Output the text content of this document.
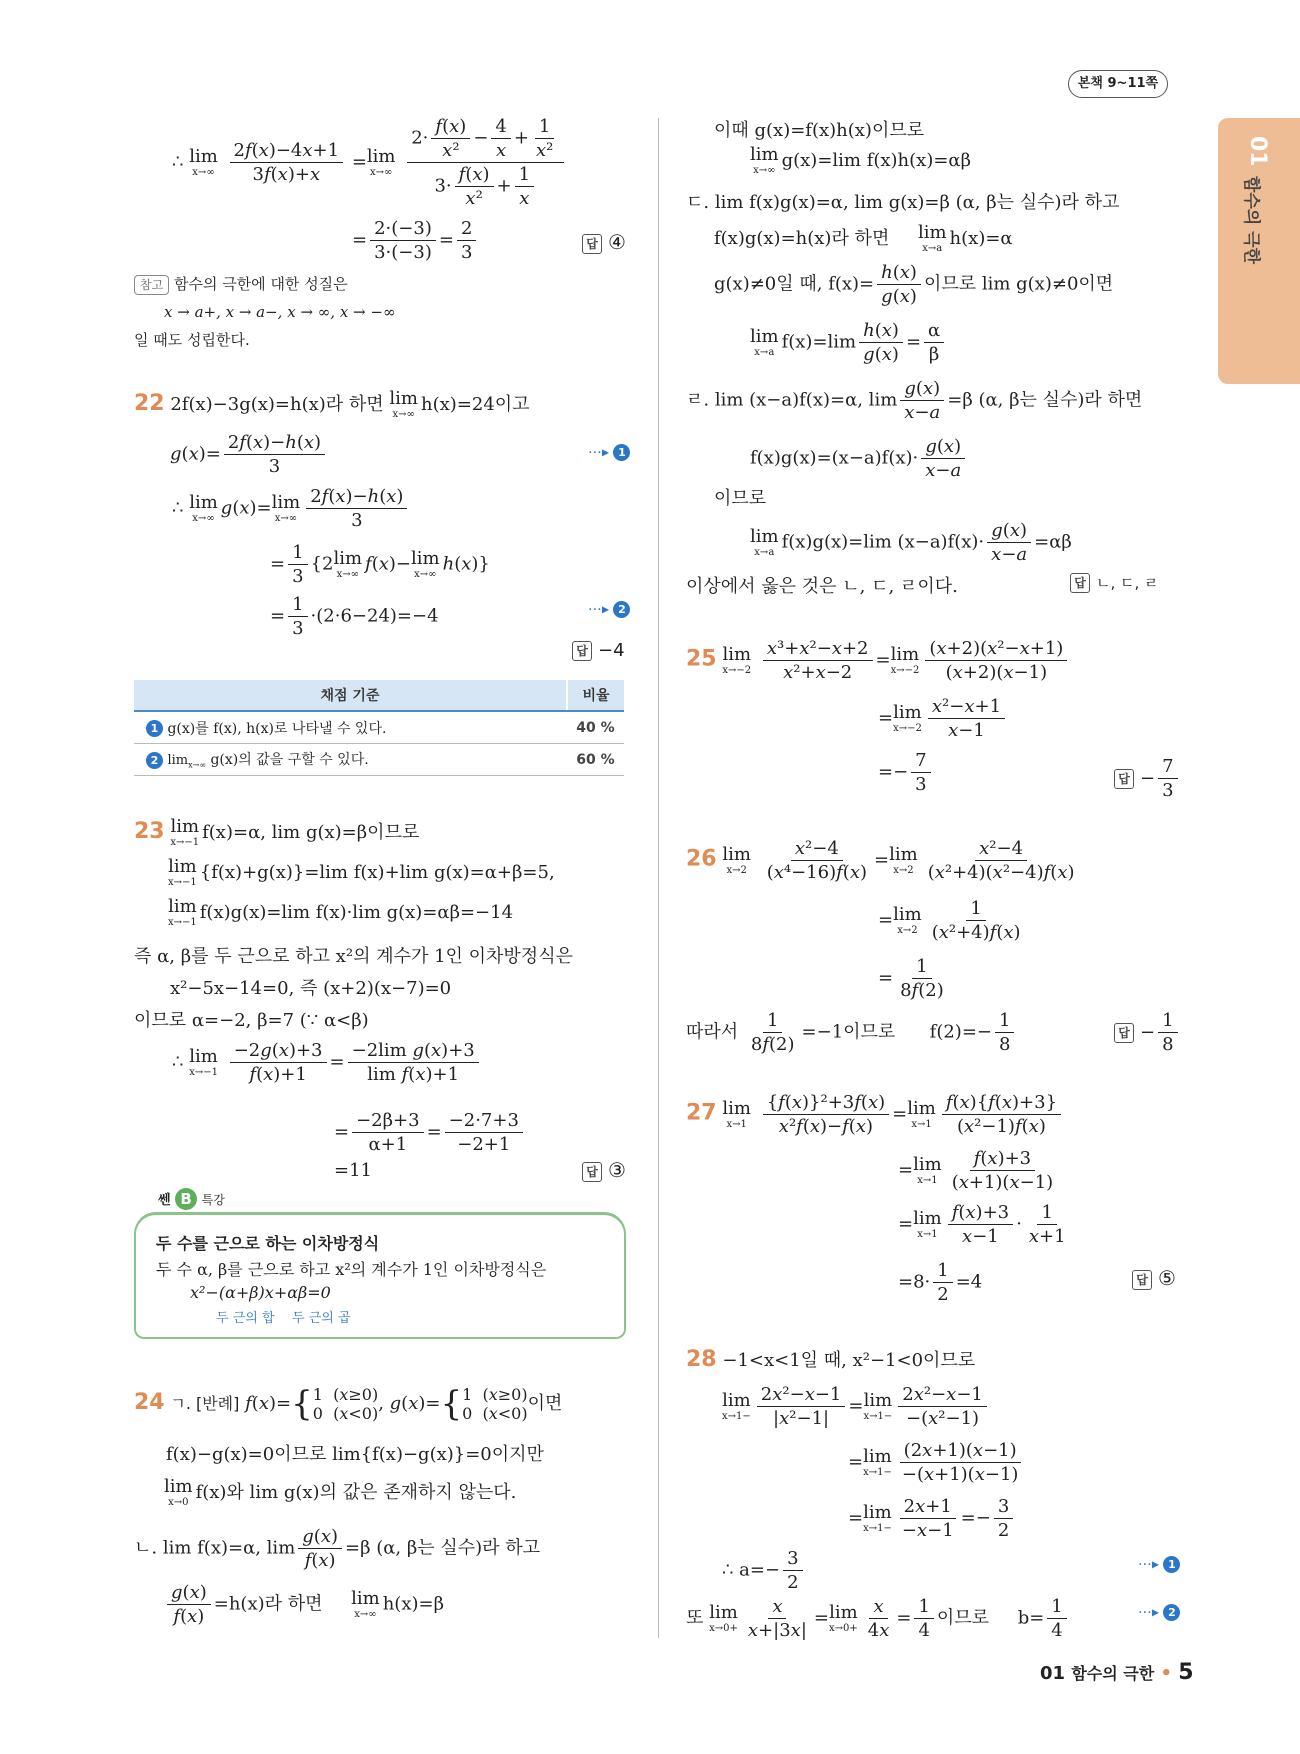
본책 9~11쪽
01
함수의 극한
∴ lim
x→∞
$\frac{2f(x)-4x+1}{3f(x)+x} = \lim$
x→∞
$\frac{2\cdot \frac{f(x)}{\text{x²}} - \frac{4}{x} + \frac{1}{\text{x²}}}{3\cdot \frac{f(x)}{\text{x²}} + \frac{1}{x}}$
= $\frac{2\cdot(-3)}{3\cdot(-3)} = \frac{2}{3}$	답 ④
참고 함수의 극한에 대한 성질은
x → a+, x → a−, x → ∞, x → −∞
일 때도 성립한다.
22 2f(x)−3g(x)=h(x)라 하면 lim
x→∞ h(x)=24이고
$g(x)= \frac{2f(x)-h(x)}{3}$	⋯▸ 1
∴ lim
x→∞ g(x)= lim
$x\to\infty \frac{2f(x)-h(x)}{3}$
= $\frac{1}{3} \{2$ lim
x→∞ f(x)− lim
x→∞ h(x)}
= $\frac{1}{3} \cdot(2\cdot 6-24)=-4$	⋯▸ 2
답 −4
채점 기준	비율
1 g(x)를 f(x), h(x)로 나타낼 수 있다.	40 %
2 $\lim_{x\to\infty} g(x)$의 값을 구할 수 있다.	60 %
23 lim
x→−1 f(x)=α, lim g(x)=β이므로
lim
x→−1 {f(x)+g(x)}=lim f(x)+lim g(x)=α+β=5,
lim
x→−1 f(x)g(x)=lim f(x)·lim g(x)=αβ=−14
즉 α, β를 두 근으로 하고 x²의 계수가 1인 이차방정식은
x²−5x−14=0, 즉 (x+2)(x−7)=0
이므로 α=−2, β=7 (∵ α<β)
∴ lim
x→−1
$\frac{-2g(x)+3}{f(x)+1} = \frac{\text{−2lim g(x)+3}}{\text{lim f(x)+1}}$
= $\frac{-2\beta+3}{\alpha+1} = \frac{-2\cdot 7+3}{-2+1}$
=11	답 ③
쎈 B 특강
두 수를 근으로 하는 이차방정식
두 수 α, β를 근으로 하고 x²의 계수가 1인 이차방정식은
x²−(α+β)x+αβ=0
두 근의 합 두 근의 곱
24 ㄱ. [반례] f(x)={ 1  (x≥0)
0  (x<0) , g(x)={ 1  (x≥0)
0  (x<0) 이면
f(x)−g(x)=0이므로 lim{f(x)−g(x)}=0이지만
lim
x→0 f(x)와 lim g(x)의 값은 존재하지 않는다.
ㄴ. lim f(x)=α, $\lim \frac{g(x)}{f(x)} =\beta$ (α, β는 실수)라 하고
$\frac{g(x)}{f(x)} =h(x)$라 하면 lim
x→∞ h(x)=β
이때 g(x)=f(x)h(x)이므로
lim
x→∞ g(x)=lim f(x)h(x)=αβ
ㄷ. lim f(x)g(x)=α, lim g(x)=β (α, β는 실수)라 하고
f(x)g(x)=h(x)라 하면 lim
x→a h(x)=α
g(x)≠0일 때, $f(x)= \frac{h(x)}{g(x)}$ 이므로 lim g(x)≠0이면
lim
x→a $f(x)=\lim \frac{h(x)}{g(x)} = \frac{\alpha}{\beta}$
ㄹ. lim (x−a)f(x)=α, $\lim \frac{g(x)}{x-a} =\beta$ (α, β는 실수)라 하면
$f(x)g(x)=(x-a)f(x)\cdot \frac{g(x)}{x-a}$
이므로
lim
x→a f(x)g(x)=lim $(x-a)f(x)\cdot \frac{g(x)}{x-a} =\alpha\beta$
이상에서 옳은 것은 ㄴ, ㄷ, ㄹ이다.	답 ㄴ, ㄷ, ㄹ
25 lim
x→−2
$\frac{\text{x³+x²−x+2}}{\text{x²+x−2}} = \lim$
$x\to-2 \frac{\text{(x+2)(x²−x+1)}}{(x+2)(x-1)}$
= lim
$x\to-2 \frac{\text{x²−x+1}}{x-1}$
=− $\frac{7}{3}$	답 − $\frac{7}{3}$
26 lim
x→2
$\frac{\text{x²−4}}{\text{(x⁴−16)f(x)}} = \lim$
$x\to 2 \frac{\text{x²−4}}{\text{(x²+4)(x²−4)f(x)}}$
= lim
$x\to 2 \frac{1}{\text{(x²+4)f(x)}}$
= $\frac{1}{8f(2)}$
따라서 $\frac{1}{8f(2)} =-1$이므로 $f(2)=- \frac{1}{8}$	답 − $\frac{1}{8}$
27 lim
x→1
$\frac{\text{\{f(x)\}²+3f(x)}}{\text{x²f(x)−f(x)}} = \lim$
$x\to 1 \frac{f(x)\{f(x)+3\}}{\text{(x²−1)f(x)}}$
= lim
$x\to 1 \frac{f(x)+3}{(x+1)(x-1)}$
= lim
$x\to 1 \frac{f(x)+3}{x-1} \cdot \frac{1}{x+1}$
$=8\cdot \frac{1}{2} =4$	답 ⑤
28 −1<x<1일 때, x²−1<0이므로
lim
$x\to 1- \frac{\text{2x²−x−1}}{\text{|x²−1|}} = \lim$
$x\to 1- \frac{\text{2x²−x−1}}{\text{−(x²−1)}}$
= lim
$x\to 1- \frac{(2x+1)(x-1)}{-(x+1)(x-1)}$
= lim
$x\to 1- \frac{2x+1}{-x-1} =- \frac{3}{2}$
∴ $a=- \frac{3}{2}$	⋯▸ 1
또 lim
$x\to 0+ \frac{x}{x+|3x|} = \lim$
$x\to 0+ \frac{x}{4x} = \frac{1}{4}$ 이므로 $b= \frac{1}{4}$	⋯▸ 2
01 함수의 극한 • 5
